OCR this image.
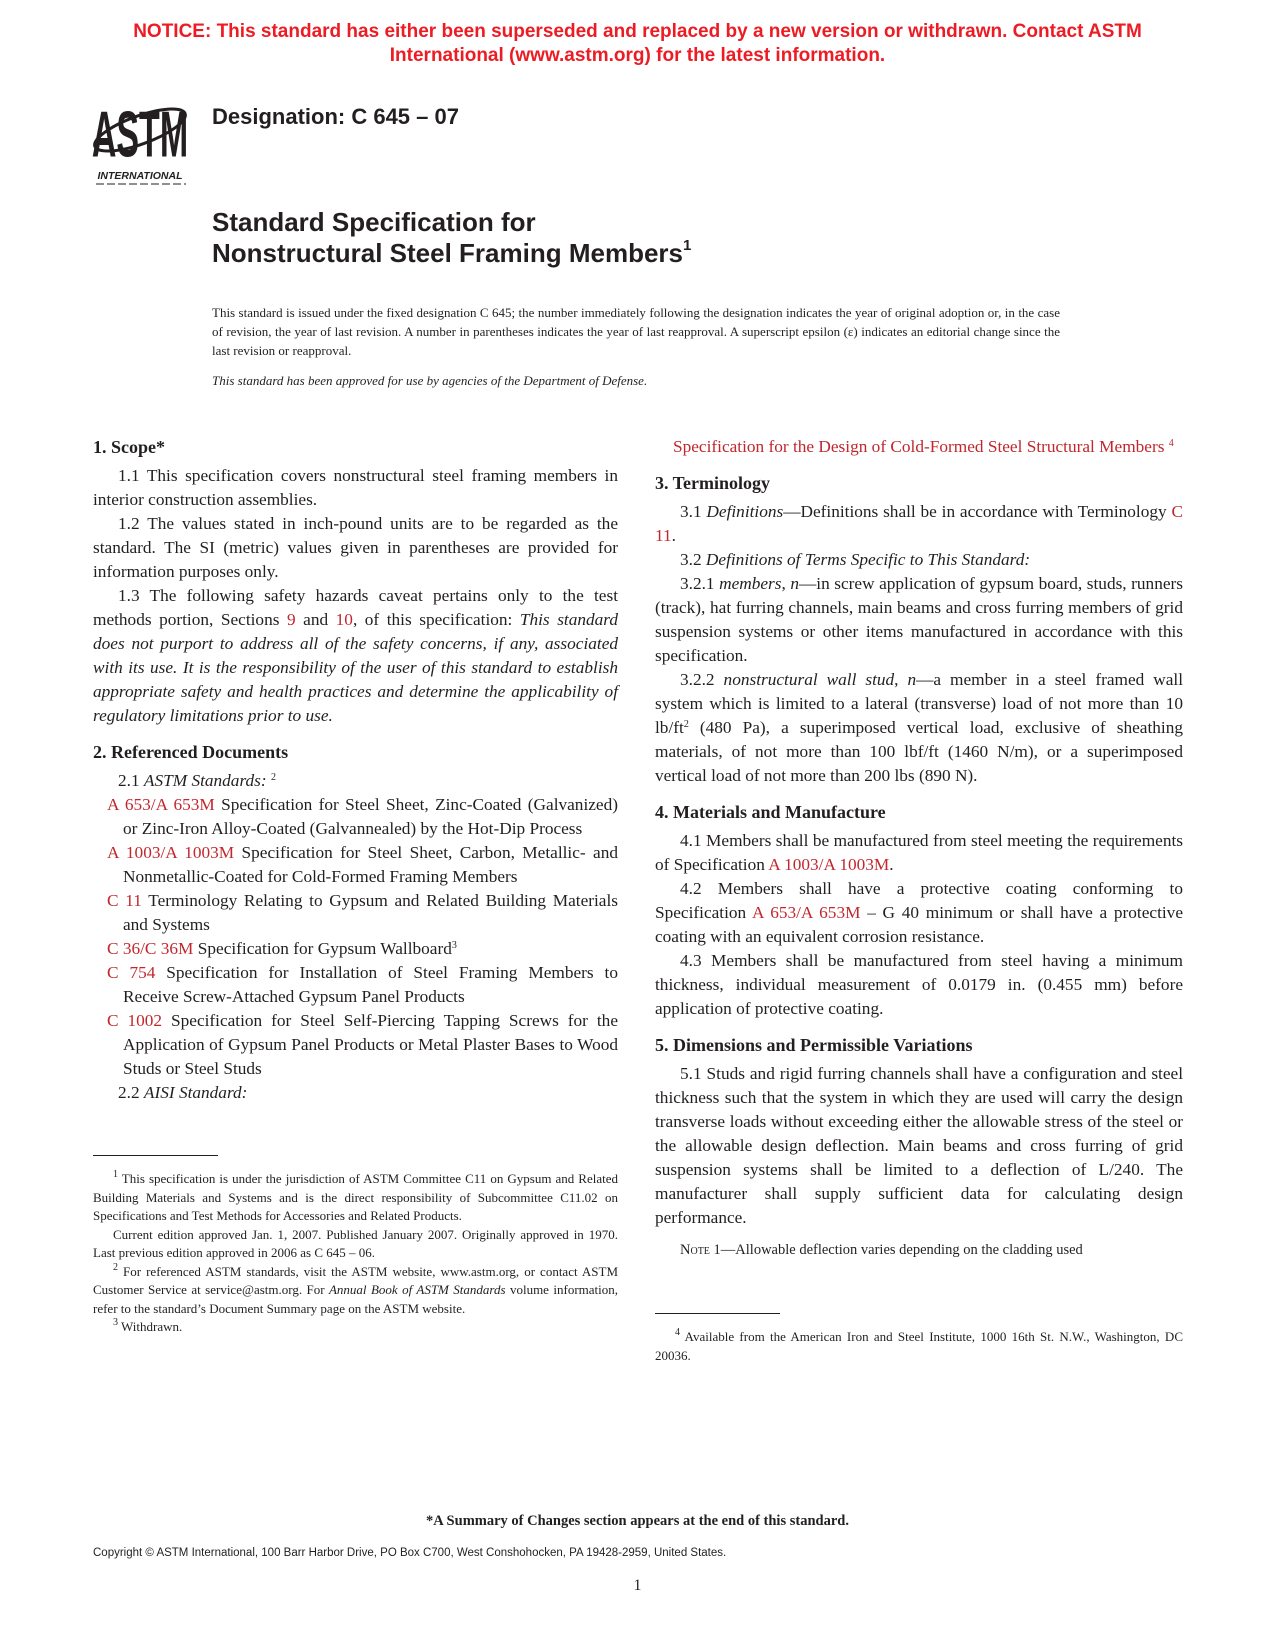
NOTICE: This standard has either been superseded and replaced by a new version or withdrawn. Contact ASTM
International (www.astm.org) for the latest information.
ASTM
INTERNATIONAL
Designation: C 645 – 07
Standard Specification for
Nonstructural Steel Framing Members$^1$
This standard is issued under the fixed designation C 645; the number immediately following the designation indicates the year of original adoption or, in the case of revision, the year of last revision. A number in parentheses indicates the year of last reapproval. A superscript epsilon (ε) indicates an editorial change since the last revision or reapproval.
This standard has been approved for use by agencies of the Department of Defense.

1. Scope*

1.1 This specification covers nonstructural steel framing members in interior construction assemblies.

1.2 The values stated in inch-pound units are to be regarded as the standard. The SI (metric) values given in parentheses are provided for information purposes only.

1.3 The following safety hazards caveat pertains only to the test methods portion, Sections 9 and 10, of this specification: This standard does not purport to address all of the safety concerns, if any, associated with its use. It is the responsibility of the user of this standard to establish appropriate safety and health practices and determine the applicability of regulatory limitations prior to use.

2. Referenced Documents

2.1 ASTM Standards: $^2$

A 653/A 653M Specification for Steel Sheet, Zinc-Coated (Galvanized) or Zinc-Iron Alloy-Coated (Galvannealed) by the Hot-Dip Process

A 1003/A 1003M Specification for Steel Sheet, Carbon, Metallic- and Nonmetallic-Coated for Cold-Formed Framing Members

C 11 Terminology Relating to Gypsum and Related Building Materials and Systems

C 36/C 36M Specification for Gypsum Wallboard$^3$

C 754 Specification for Installation of Steel Framing Members to Receive Screw-Attached Gypsum Panel Products

C 1002 Specification for Steel Self-Piercing Tapping Screws for the Application of Gypsum Panel Products or Metal Plaster Bases to Wood Studs or Steel Studs

2.2 AISI Standard:

$^1$ This specification is under the jurisdiction of ASTM Committee C11 on Gypsum and Related Building Materials and Systems and is the direct responsibility of Subcommittee C11.02 on Specifications and Test Methods for Accessories and Related Products.

Current edition approved Jan. 1, 2007. Published January 2007. Originally approved in 1970. Last previous edition approved in 2006 as C 645 – 06.

$^2$ For referenced ASTM standards, visit the ASTM website, www.astm.org, or contact ASTM Customer Service at service@astm.org. For Annual Book of ASTM Standards volume information, refer to the standard’s Document Summary page on the ASTM website.

$^3$ Withdrawn.

Specification for the Design of Cold-Formed Steel Structural Members $^4$

3. Terminology

3.1 Definitions—Definitions shall be in accordance with Terminology C 11.

3.2 Definitions of Terms Specific to This Standard:

3.2.1 members, n—in screw application of gypsum board, studs, runners (track), hat furring channels, main beams and cross furring members of grid suspension systems or other items manufactured in accordance with this specification.

3.2.2 nonstructural wall stud, n—a member in a steel framed wall system which is limited to a lateral (transverse) load of not more than 10 $lb/ft^2$ (480 Pa), a superimposed vertical load, exclusive of sheathing materials, of not more than 100 lbf/ft (1460 N/m), or a superimposed vertical load of not more than 200 lbs (890 N).

4. Materials and Manufacture

4.1 Members shall be manufactured from steel meeting the requirements of Specification A 1003/A 1003M.

4.2 Members shall have a protective coating conforming to Specification A 653/A 653M – G 40 minimum or shall have a protective coating with an equivalent corrosion resistance.

4.3 Members shall be manufactured from steel having a minimum thickness, individual measurement of 0.0179 in. (0.455 mm) before application of protective coating.

5. Dimensions and Permissible Variations

5.1 Studs and rigid furring channels shall have a configuration and steel thickness such that the system in which they are used will carry the design transverse loads without exceeding either the allowable stress of the steel or the allowable design deflection. Main beams and cross furring of grid suspension systems shall be limited to a deflection of L/240. The manufacturer shall supply sufficient data for calculating design performance.

Note 1—Allowable deflection varies depending on the cladding used

$^4$ Available from the American Iron and Steel Institute, 1000 16th St. N.W., Washington, DC 20036.

*A Summary of Changes section appears at the end of this standard.
Copyright © ASTM International, 100 Barr Harbor Drive, PO Box C700, West Conshohocken, PA 19428-2959, United States.
1
